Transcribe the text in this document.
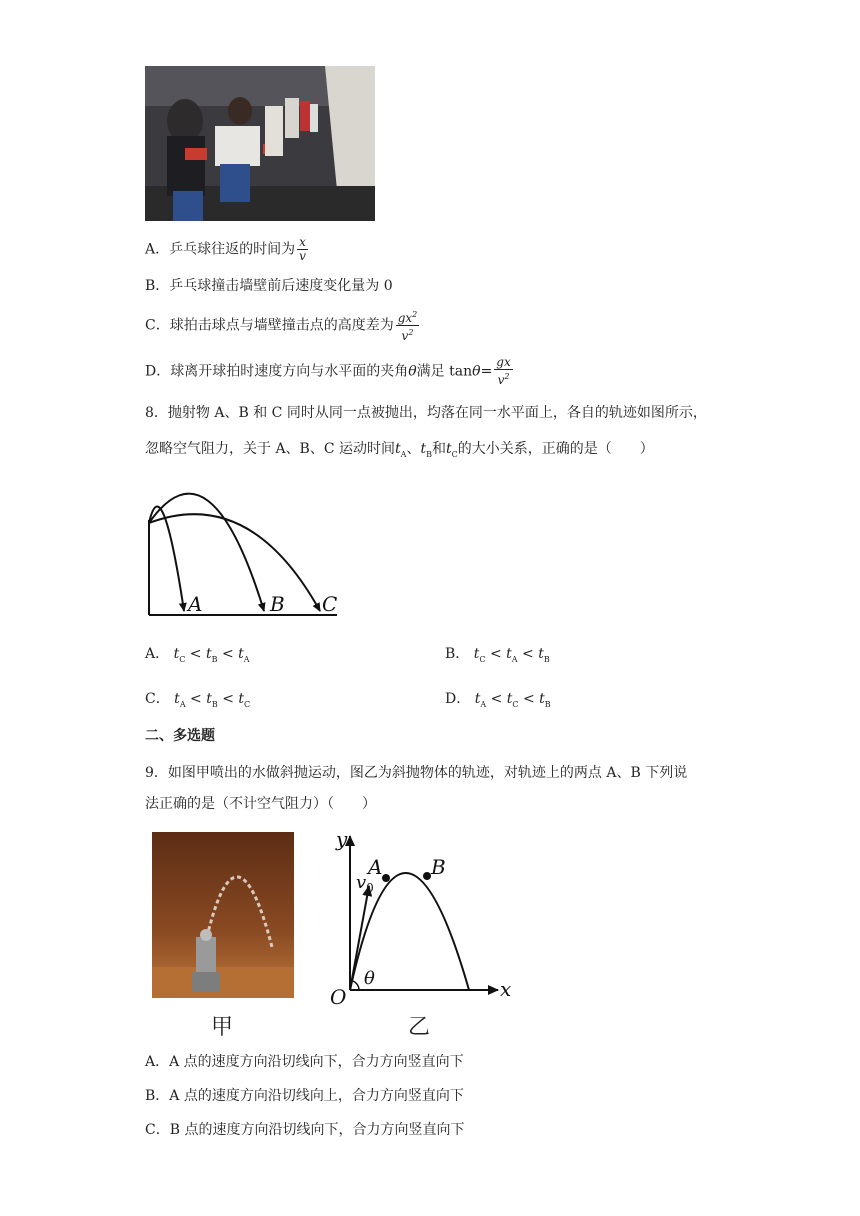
A．乒乓球往返的时间为 $\frac{x}{v}$
B．乒乓球撞击墙壁前后速度变化量为 0
C．球拍击球点与墙壁撞击点的高度差为 $\frac{gx^2}{v^2}$
D．球离开球拍时速度方向与水平面的夹角θ满足 $\tan\theta= \frac{gx}{v^2}$
8．抛射物 A、B 和 C 同时从同一点被抛出，均落在同一水平面上，各自的轨迹如图所示，
忽略空气阻力，关于 A、B、C 运动时间$t_A$、$t_B$和$t_C$的大小关系，正确的是（　　）
A	B C
A． $t_C < t_B < t_A$	B． $t_C < t_A < t_B$
C． $t_A < t_B < t_C$	D． $t_A < t_C < t_B$
二、多选题
9．如图甲喷出的水做斜抛运动，图乙为斜抛物体的轨迹，对轨迹上的两点 A、B 下列说
法正确的是（不计空气阻力）（　　）
y
x
O
A B
$v_0$
θ
甲	乙
A．A 点的速度方向沿切线向下，合力方向竖直向下
B．A 点的速度方向沿切线向上，合力方向竖直向下
C．B 点的速度方向沿切线向下，合力方向竖直向下
